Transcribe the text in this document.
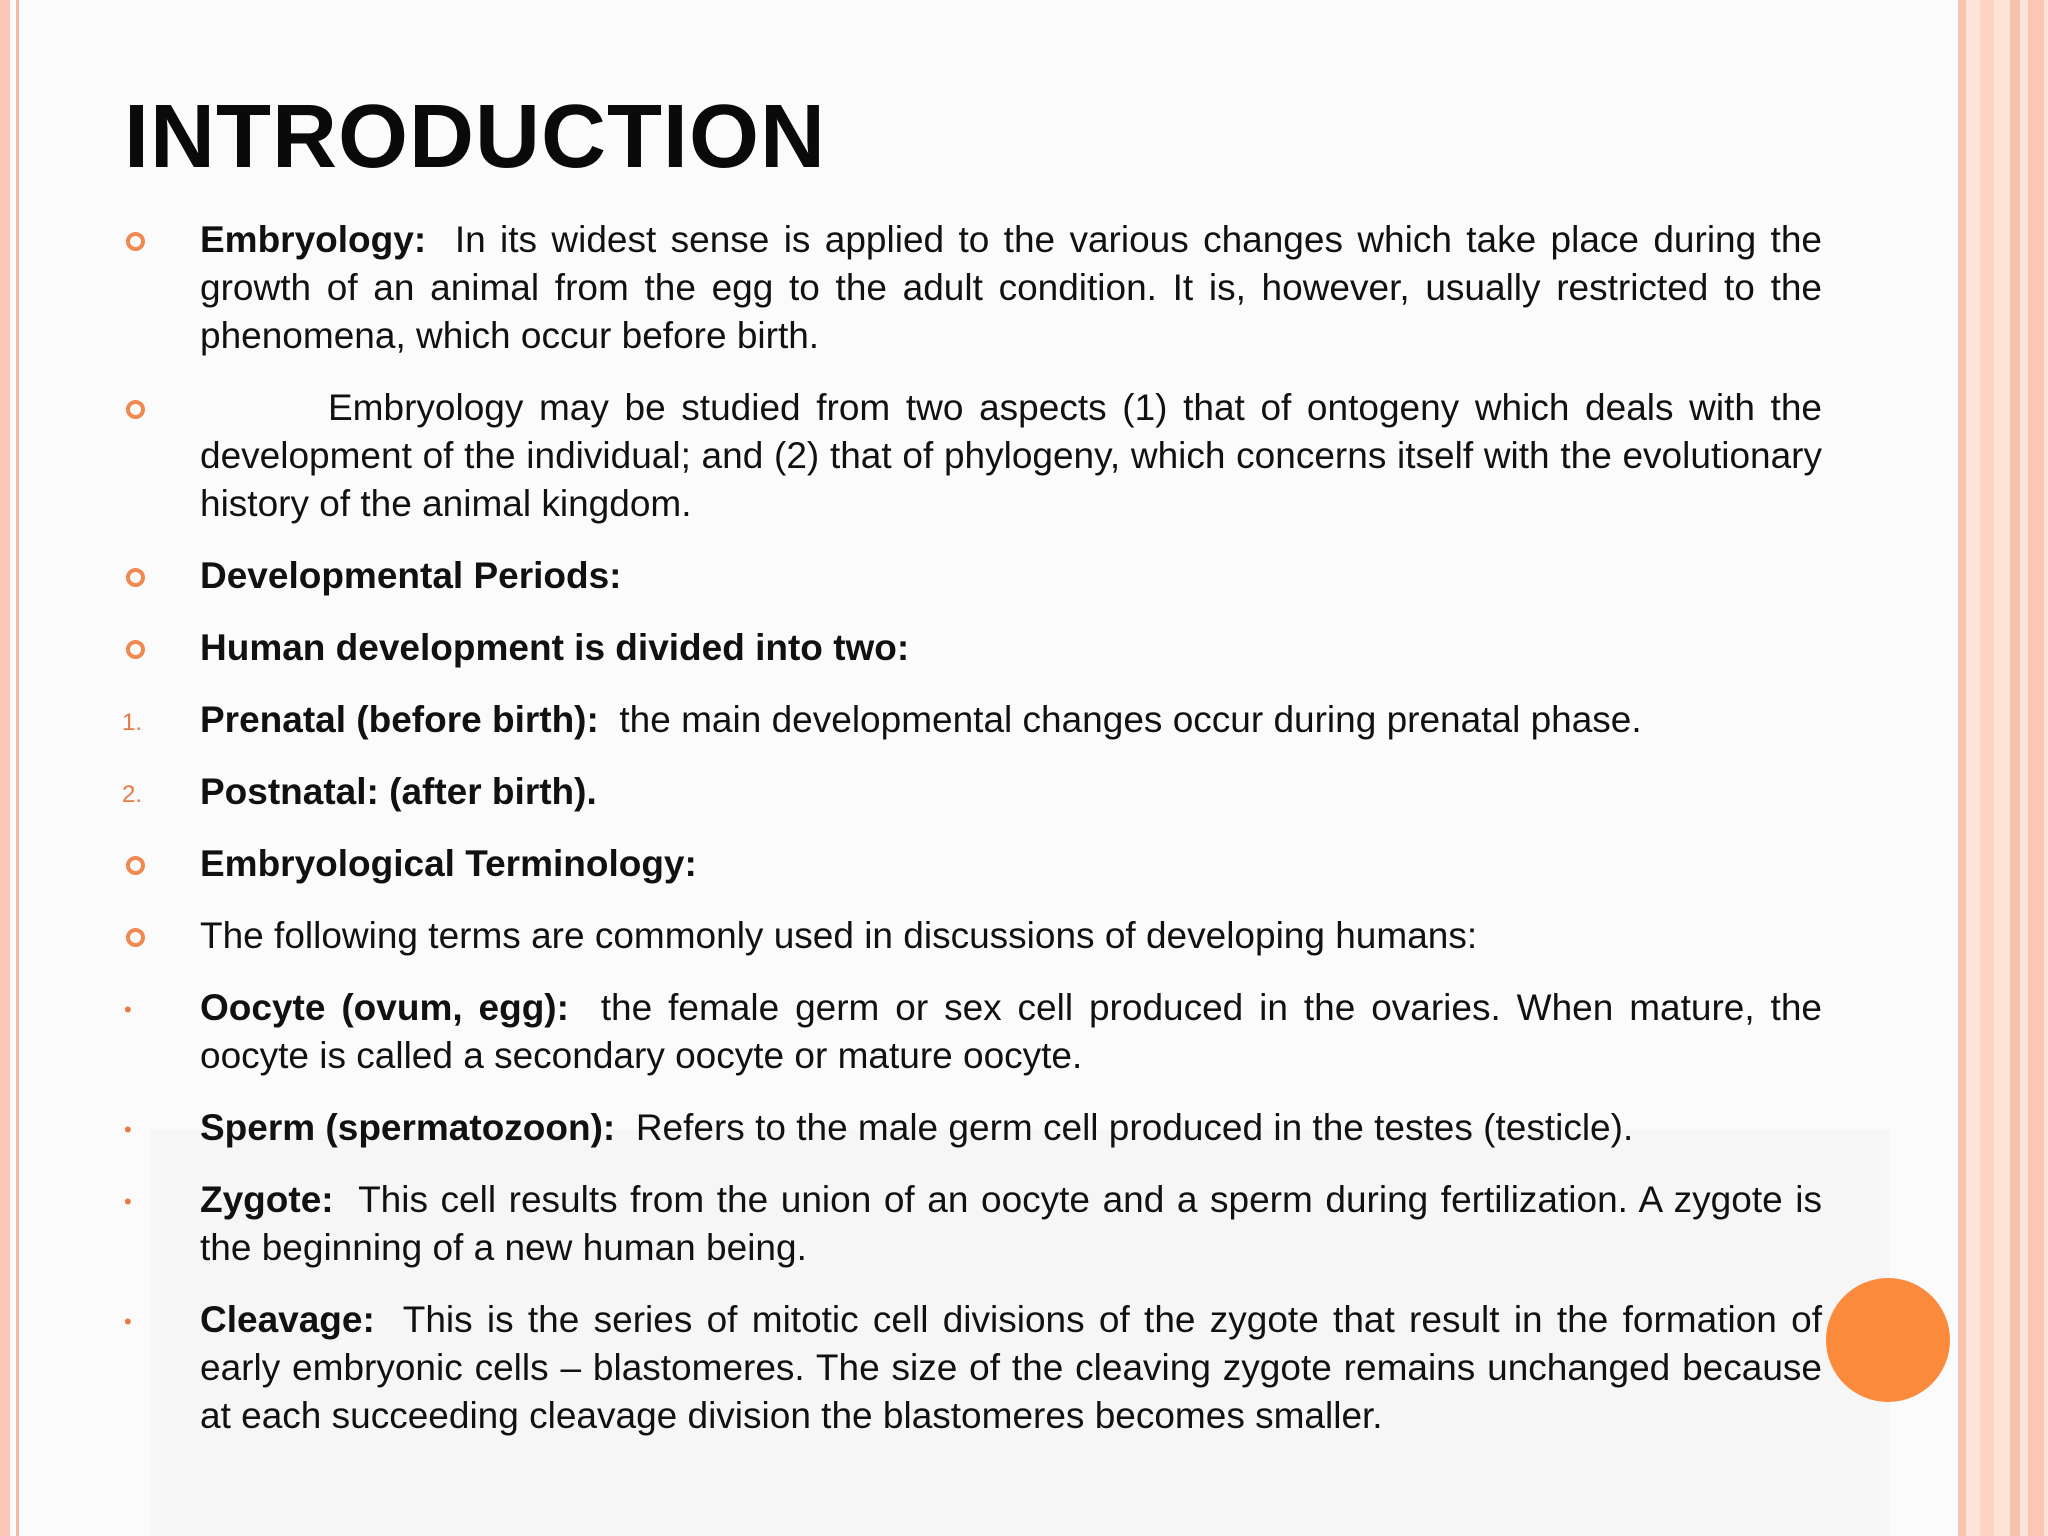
INTRODUCTION
Embryology: In its widest sense is applied to the various changes which take place during the growth of an animal from the egg to the adult condition. It is, however, usually restricted to the phenomena, which occur before birth.
Embryology may be studied from two aspects (1) that of ontogeny which deals with the development of the individual; and (2) that of phylogeny, which concerns itself with the evolutionary history of the animal kingdom.
Developmental Periods:
Human development is divided into two:
1. Prenatal (before birth): the main developmental changes occur during prenatal phase.
2. Postnatal: (after birth).
Embryological Terminology:
The following terms are commonly used in discussions of developing humans:
• Oocyte (ovum, egg): the female germ or sex cell produced in the ovaries. When mature, the oocyte is called a secondary oocyte or mature oocyte.
• Sperm (spermatozoon): Refers to the male germ cell produced in the testes (testicle).
• Zygote: This cell results from the union of an oocyte and a sperm during fertilization. A zygote is the beginning of a new human being.
• Cleavage: This is the series of mitotic cell divisions of the zygote that result in the formation of early embryonic cells – blastomeres. The size of the cleaving zygote remains unchanged because at each succeeding cleavage division the blastomeres becomes smaller.
